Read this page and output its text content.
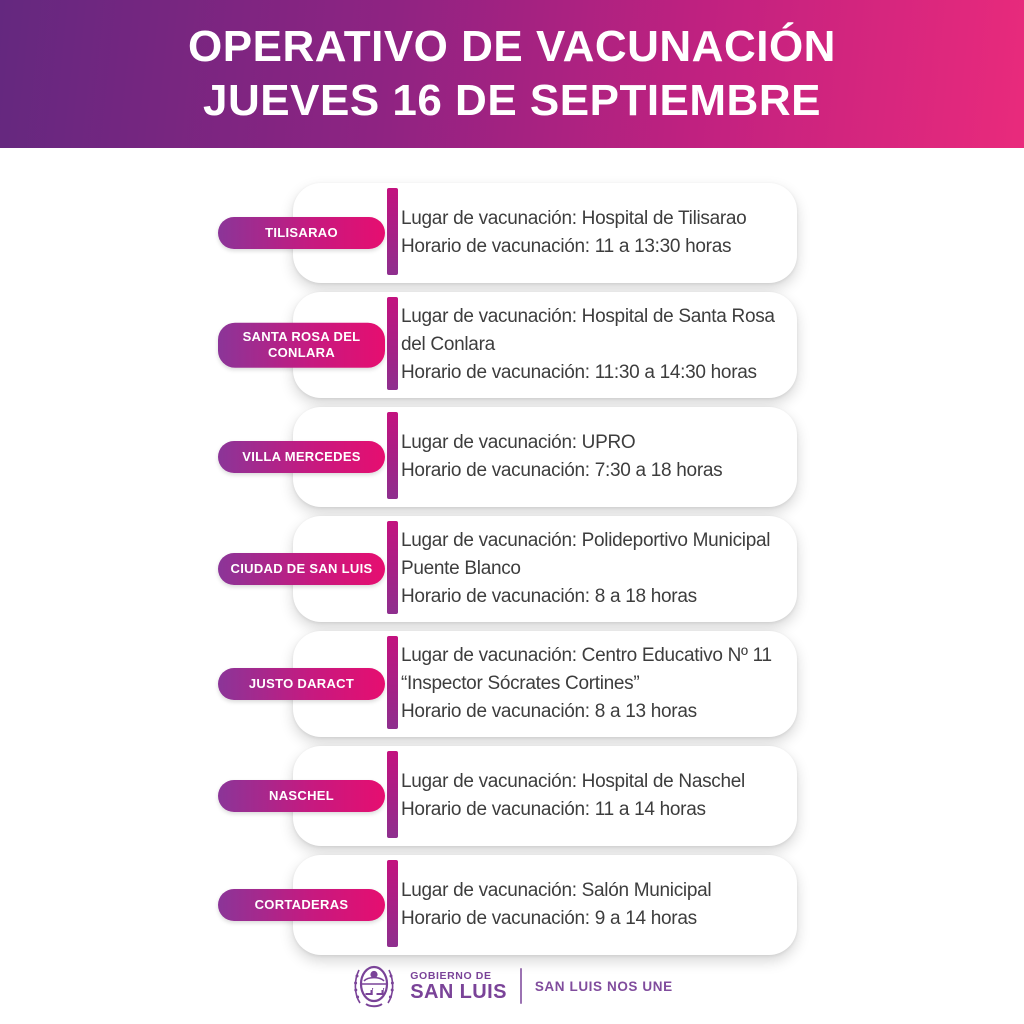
OPERATIVO DE VACUNACIÓN
JUEVES 16 DE SEPTIEMBRE
TILISARAO
Lugar de vacunación: Hospital de Tilisarao
Horario de vacunación: 11 a 13:30 horas
SANTA ROSA DEL CONLARA
Lugar de vacunación: Hospital de Santa Rosa del Conlara
Horario de vacunación: 11:30 a 14:30 horas
VILLA MERCEDES
Lugar de vacunación: UPRO
Horario de vacunación: 7:30 a 18 horas
CIUDAD DE SAN LUIS
Lugar de vacunación: Polideportivo Municipal Puente Blanco
Horario de vacunación: 8 a 18 horas
JUSTO DARACT
Lugar de vacunación: Centro Educativo Nº 11 “Inspector Sócrates Cortines”
Horario de vacunación: 8 a 13 horas
NASCHEL
Lugar de vacunación: Hospital de Naschel
Horario de vacunación: 11 a 14 horas
CORTADERAS
Lugar de vacunación: Salón Municipal
Horario de vacunación: 9 a 14 horas
GOBIERNO DE
SAN LUIS SAN LUIS NOS UNE
